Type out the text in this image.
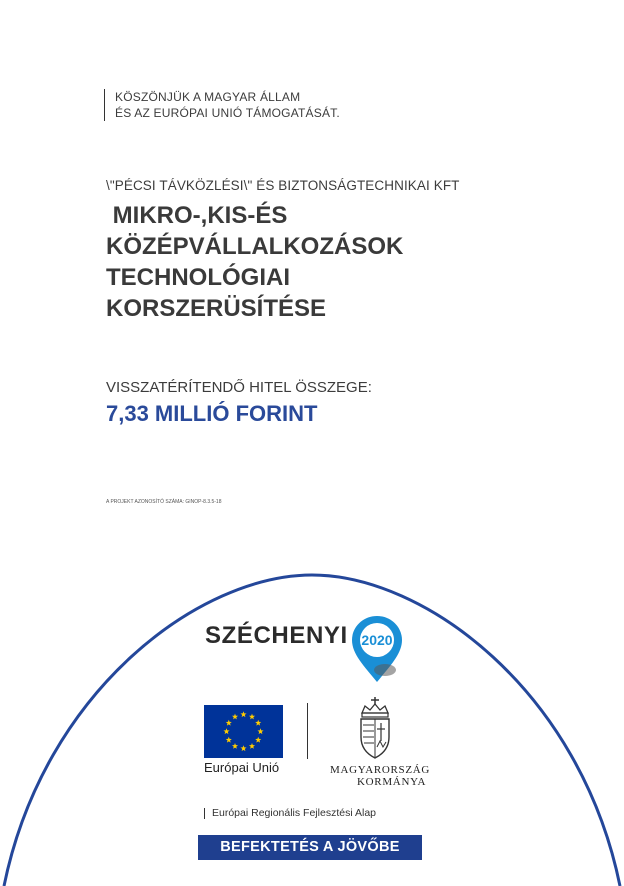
KÖSZÖNJÜK A MAGYAR ÁLLAM
ÉS AZ EURÓPAI UNIÓ TÁMOGATÁSÁT.
\"PÉCSI TÁVKÖZLÉSI\" ÉS BIZTONSÁGTECHNIKAI KFT
MIKRO-,KIS-ÉS
KÖZÉPVÁLLALKOZÁSOK
TECHNOLÓGIAI
KORSZERÜSÍTÉSE
VISSZATÉRÍTENDŐ HITEL ÖSSZEGE:
7,33 MILLIÓ FORINT
A PROJEKT AZONOSÍTÓ SZÁMA: GINOP-8.3.5-18
SZÉCHENYI 2020
Európai Unió	MAGYARORSZÁG
KORMÁNYA
Európai Regionális Fejlesztési Alap
BEFEKTETÉS A JÖVŐBE
